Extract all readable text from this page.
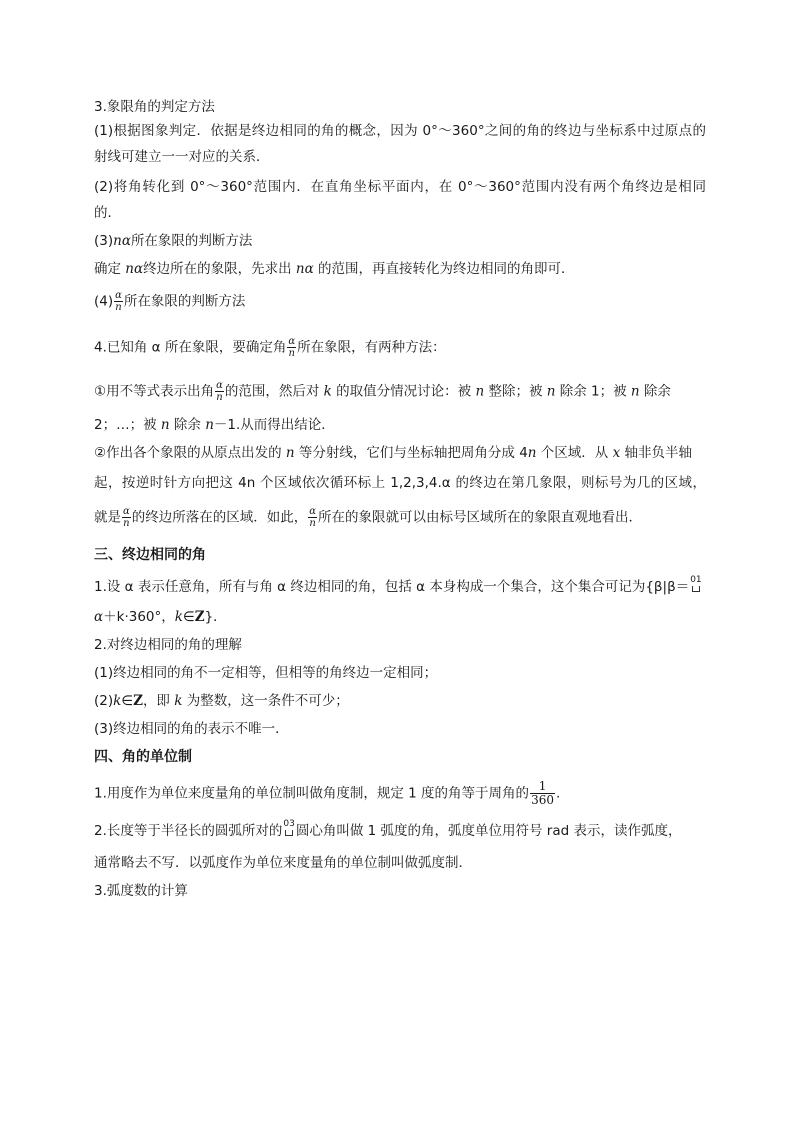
3.象限角的判定方法
(1)根据图象判定．依据是终边相同的角的概念，因为 0°～360°之间的角的终边与坐标系中过原点的
射线可建立一一对应的关系．
(2)将角转化到 0°～360°范围内．在直角坐标平面内，在 0°～360°范围内没有两个角终边是相同
的．
(3)nα所在象限的判断方法
确定 nα终边所在的象限，先求出 nα 的范围，再直接转化为终边相同的角即可．
$(4) \frac{\alpha}{n}$ 所在象限的判断方法
4.已知角 α 所在象限，要确定角 $\frac{\alpha}{n}$ 所在象限，有两种方法：
①用不等式表示出角 $\frac{\alpha}{n}$ 的范围，然后对 k 的取值分情况讨论：被 n 整除；被 n 除余 1；被 n 除余
2；…；被 n 除余 n－1.从而得出结论．
②作出各个象限的从原点出发的 n 等分射线，它们与坐标轴把周角分成 4n 个区域．从 x 轴非负半轴
起，按逆时针方向把这 4n 个区域依次循环标上 1,2,3,4.α 的终边在第几象限，则标号为几的区域，
就是 $\frac{\alpha}{n}$ 的终边所落在的区域．如此， $\frac{\alpha}{n}$ 所在的象限就可以由标号区域所在的象限直观地看出．
三、终边相同的角
1.设 α 表示任意角，所有与角 α 终边相同的角，包括 α 本身构成一个集合，这个集合可记为{β|β＝01
α＋k·360°，k∈Z}．
2.对终边相同的角的理解
(1)终边相同的角不一定相等，但相等的角终边一定相同；
(2)k∈Z，即 k 为整数，这一条件不可少；
(3)终边相同的角的表示不唯一．
四、角的单位制
1.用度作为单位来度量角的单位制叫做角度制，规定 1 度的角等于周角的 $\frac{1}{360}$ .
2.长度等于半径长的圆弧所对的03
圆心角叫做 1 弧度的角，弧度单位用符号 rad 表示，读作弧度，
通常略去不写．以弧度作为单位来度量角的单位制叫做弧度制．
3.弧度数的计算
